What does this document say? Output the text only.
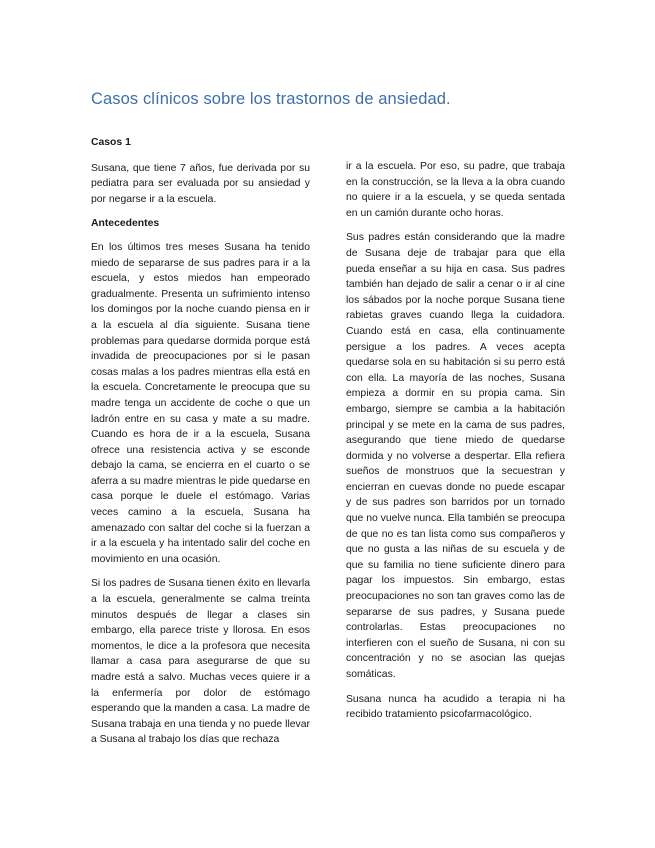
Casos clínicos sobre los trastornos de ansiedad.
Casos 1

Susana, que tiene 7 años, fue derivada por su pediatra para ser evaluada por su ansiedad y por negarse ir a la escuela.

Antecedentes

En los últimos tres meses Susana ha tenido miedo de separarse de sus padres para ir a la escuela, y estos miedos han empeorado gradualmente. Presenta un sufrimiento intenso los domingos por la noche cuando piensa en ir a la escuela al día siguiente. Susana tiene problemas para quedarse dormida porque está invadida de preocupaciones por si le pasan cosas malas a los padres mientras ella está en la escuela. Concretamente le preocupa que su madre tenga un accidente de coche o que un ladrón entre en su casa y mate a su madre. Cuando es hora de ir a la escuela, Susana ofrece una resistencia activa y se esconde debajo la cama, se encierra en el cuarto o se aferra a su madre mientras le pide quedarse en casa porque le duele el estómago. Varias veces camino a la escuela, Susana ha amenazado con saltar del coche si la fuerzan a ir a la escuela y ha intentado salir del coche en movimiento en una ocasión.

Si los padres de Susana tienen éxito en llevarla a la escuela, generalmente se calma treinta minutos después de llegar a clases sin embargo, ella parece triste y llorosa. En esos momentos, le dice a la profesora que necesita llamar a casa para asegurarse de que su madre está a salvo. Muchas veces quiere ir a la enfermería por dolor de estómago esperando que la manden a casa. La madre de Susana trabaja en una tienda y no puede llevar a Susana al trabajo los días que rechaza

ir a la escuela. Por eso, su padre, que trabaja en la construcción, se la lleva a la obra cuando no quiere ir a la escuela, y se queda sentada en un camión durante ocho horas.

Sus padres están considerando que la madre de Susana deje de trabajar para que ella pueda enseñar a su hija en casa. Sus padres también han dejado de salir a cenar o ir al cine los sábados por la noche porque Susana tiene rabietas graves cuando llega la cuidadora. Cuando está en casa, ella continuamente persigue a los padres. A veces acepta quedarse sola en su habitación si su perro está con ella. La mayoría de las noches, Susana empieza a dormir en su propia cama. Sin embargo, siempre se cambia a la habitación principal y se mete en la cama de sus padres, asegurando que tiene miedo de quedarse dormida y no volverse a despertar. Ella refiera sueños de monstruos que la secuestran y encierran en cuevas donde no puede escapar y de sus padres son barridos por un tornado que no vuelve nunca. Ella también se preocupa de que no es tan lista como sus compañeros y que no gusta a las niñas de su escuela y de que su familia no tiene suficiente dinero para pagar los impuestos. Sin embargo, estas preocupaciones no son tan graves como las de separarse de sus padres, y Susana puede controlarlas. Estas preocupaciones no interfieren con el sueño de Susana, ni con su concentración y no se asocian las quejas somáticas.

Susana nunca ha acudido a terapia ni ha recibido tratamiento psicofarmacológico.
